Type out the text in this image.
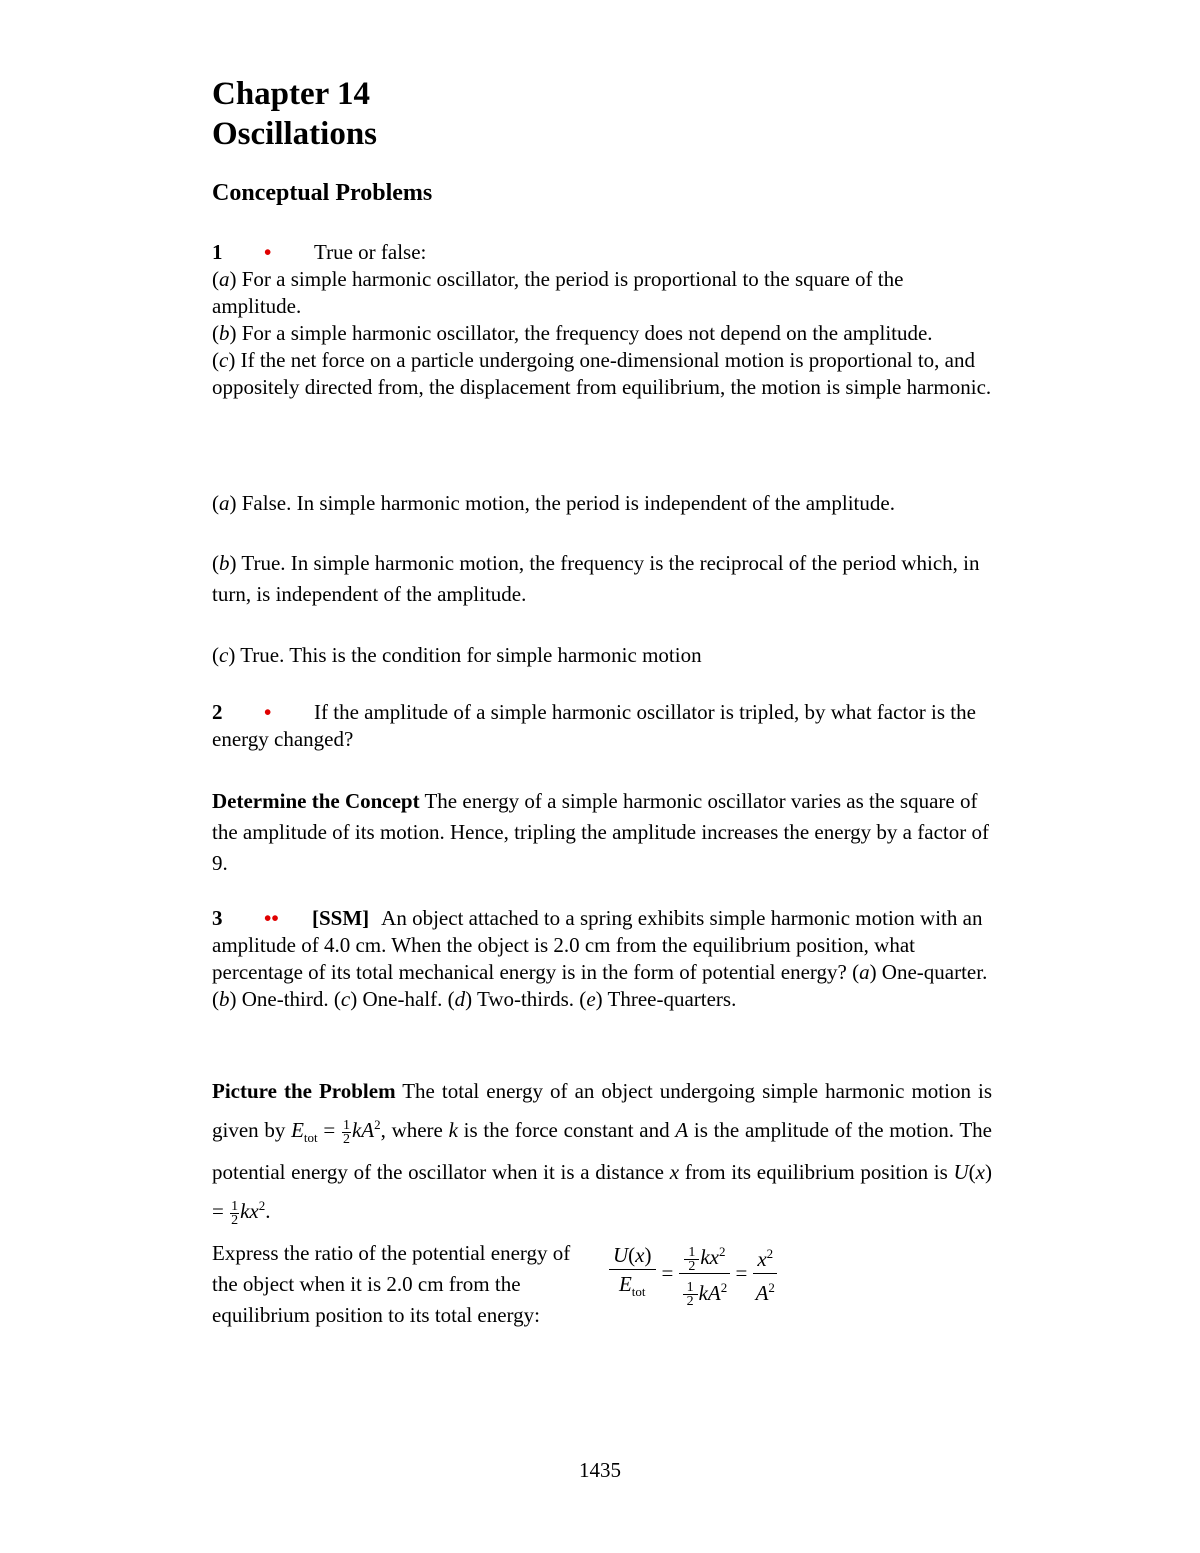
Chapter 14
Oscillations
Conceptual Problems
1 • True or false:
(a) For a simple harmonic oscillator, the period is proportional to the square of the amplitude.
(b) For a simple harmonic oscillator, the frequency does not depend on the amplitude.
(c) If the net force on a particle undergoing one-dimensional motion is proportional to, and oppositely directed from, the displacement from equilibrium, the motion is simple harmonic.
(a) False. In simple harmonic motion, the period is independent of the amplitude.
(b) True. In simple harmonic motion, the frequency is the reciprocal of the period which, in turn, is independent of the amplitude.
(c) True. This is the condition for simple harmonic motion
2 • If the amplitude of a simple harmonic oscillator is tripled, by what factor is the energy changed?
Determine the Concept The energy of a simple harmonic oscillator varies as the square of the amplitude of its motion. Hence, tripling the amplitude increases the energy by a factor of 9.
3 •• [SSM] An object attached to a spring exhibits simple harmonic motion with an amplitude of 4.0 cm. When the object is 2.0 cm from the equilibrium position, what percentage of its total mechanical energy is in the form of potential energy? (a) One-quarter. (b) One-third. (c) One-half. (d) Two-thirds. (e) Three-quarters.
Picture the Problem The total energy of an object undergoing simple harmonic motion is given by $E_{tot} = \frac{1}{2} kA^2$, where k is the force constant and A is the amplitude of the motion. The potential energy of the oscillator when it is a distance x from its equilibrium position is $U(x) = \frac{1}{2} kx^2$.
Express the ratio of the potential energy of the object when it is 2.0 cm from the equilibrium position to its total energy:
U(x)
$E_{tot}$
= $\frac{\frac{1}{2} kx^2}{\frac{1}{2} kA^2} = \frac{x^2}{A^2}$
1435
